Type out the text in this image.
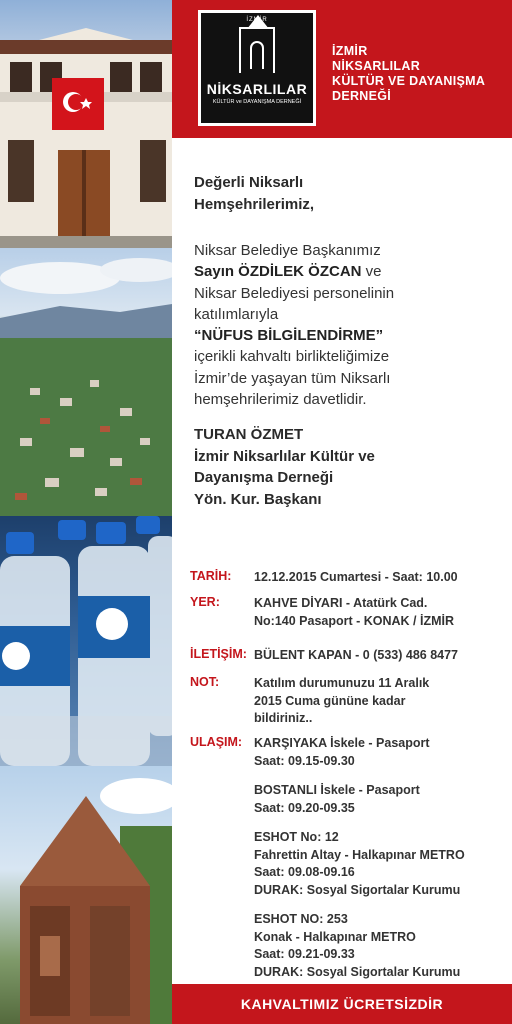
İZMİR
NİKSARLILAR
KÜLTÜR ve DAYANIŞMA DERNEĞİ
İZMİR
NİKSARLILAR
KÜLTÜR VE DAYANIŞMA
DERNEĞİ
Değerli Niksarlı
Hemşehrilerimiz,
Niksar Belediye Başkanımız
Sayın ÖZDİLEK ÖZCAN ve
Niksar Belediyesi personelinin
katılımlarıyla
“NÜFUS BİLGİLENDİRME”
içerikli kahvaltı birlikteliğimize
İzmir’de yaşayan tüm Niksarlı
hemşehrilerimiz davetlidir.
TURAN ÖZMET
İzmir Niksarlılar Kültür ve
Dayanışma Derneği
Yön. Kur. Başkanı
TARİH: 12.12.2015 Cumartesi - Saat: 10.00
YER:	KAHVE DİYARI - Atatürk Cad.
No:140 Pasaport - KONAK / İZMİR
İLETİŞİM: BÜLENT KAPAN - 0 (533) 486 8477
NOT:	Katılım durumunuzu 11 Aralık
2015 Cuma gününe kadar
bildiriniz..
ULAŞIM: KARŞIYAKA İskele - Pasaport
Saat: 09.15-09.30
BOSTANLI İskele - Pasaport
Saat: 09.20-09.35
ESHOT No: 12
Fahrettin Altay - Halkapınar METRO
Saat: 09.08-09.16
DURAK: Sosyal Sigortalar Kurumu
ESHOT NO: 253
Konak - Halkapınar METRO
Saat: 09.21-09.33
DURAK: Sosyal Sigortalar Kurumu
KAHVALTIMIZ ÜCRETSİZDİR
